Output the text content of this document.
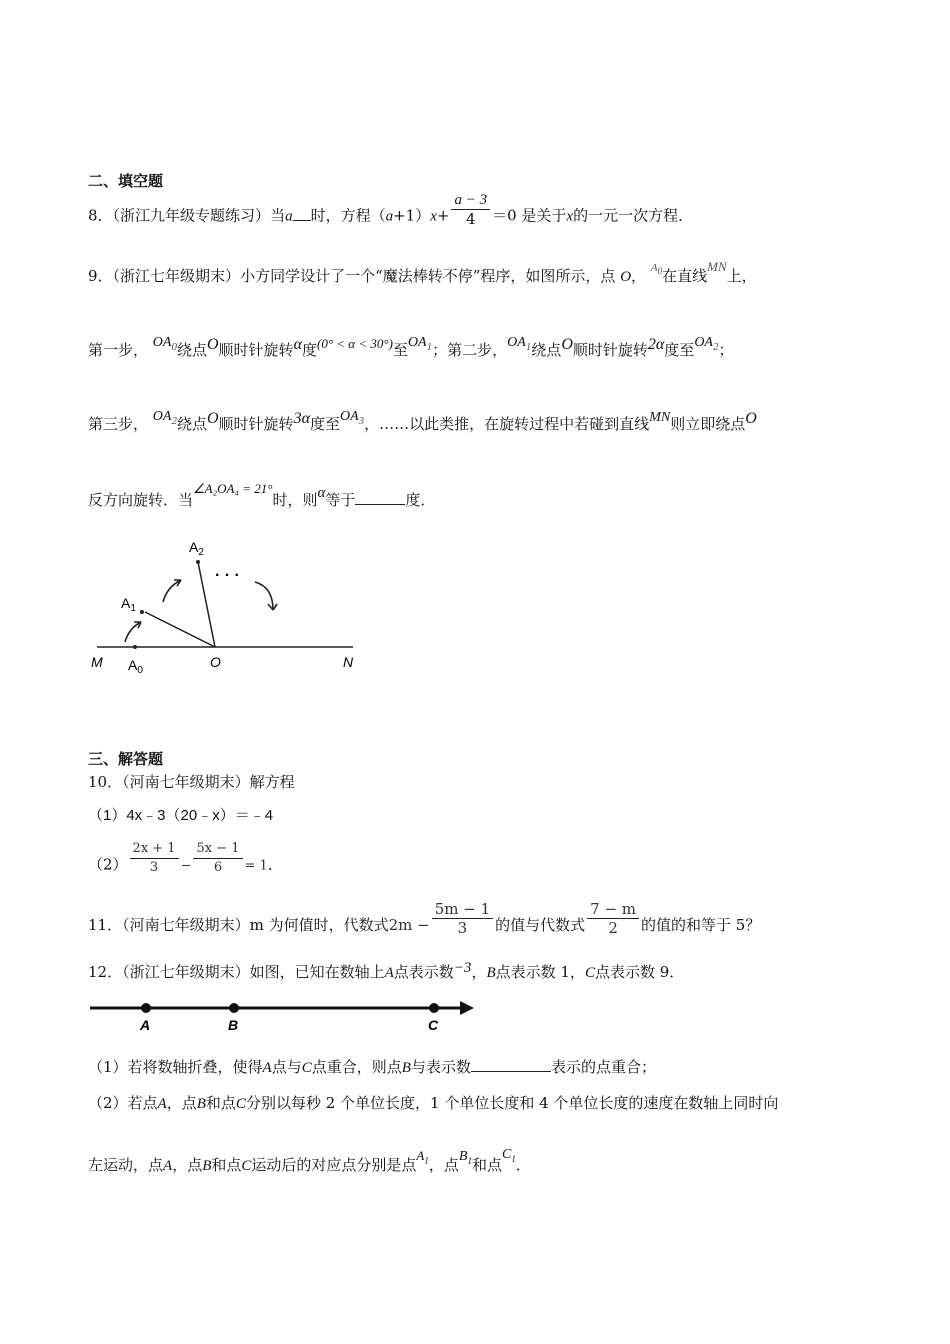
二、填空题
8．（浙江九年级专题练习）当a 时，方程$(a+1)x+ \frac{a - 3}{4} =0$ 是关于x的一元一次方程．
9．（浙江七年级期末）小方同学设计了一个“魔法棒转不停”程序，如图所示，点 O， $^{A_0}$在直线MN上，
第一步， $OA_0$绕点O顺时针旋转α度(0° < α < 30°)至$OA_1$；第二步，$OA_1$绕点O顺时针旋转2α度至$OA_2$；
第三步， $OA_2$绕点O顺时针旋转3α度至$OA_3$，……以此类推，在旋转过程中若碰到直线MN则立即绕点O
反方向旋转．当∠A₂OA₄ = 21°时，则α等于	度．
· · ·
M	N
O
$A_0$
$A_1$
$A_2$
三、解答题
10．（河南七年级期末）解方程
（1）4x﹣3（20﹣x）＝﹣4
$(2) \frac{2x + 1}{3} - \frac{5x - 1}{6} = 1$．
11．（河南七年级期末）m 为何值时，代数式$2m - \frac{5m - 1}{3}$ 的值与代数式 $\frac{7 - m}{2}$ 的值的和等于 5？
12．（浙江七年级期末）如图，已知在数轴上A点表示数−3，B点表示数 1，C点表示数 9．
A	B	C
（1）若将数轴折叠，使得A点与C点重合，则点B与表示数	表示的点重合；
（2）若点A，点B和点C分别以每秒 2 个单位长度，1 个单位长度和 4 个单位长度的速度在数轴上同时向
左运动，点A，点B和点C运动后的对应点分别是点$A_1$，点$B_1$和点$C_1$．
